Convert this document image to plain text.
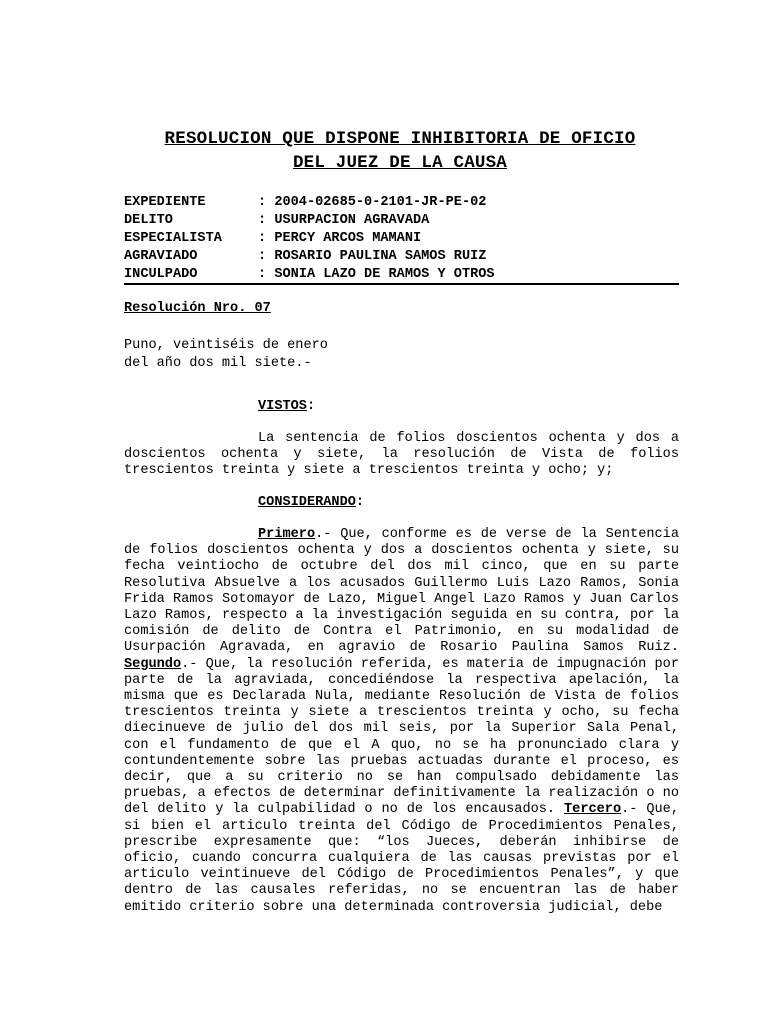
RESOLUCION QUE DISPONE INHIBITORIA DE OFICIO
DEL JUEZ DE LA CAUSA
EXPEDIENTE	: 2004-02685-0-2101-JR-PE-02
DELITO	: USURPACION AGRAVADA
ESPECIALISTA	: PERCY ARCOS MAMANI
AGRAVIADO	: ROSARIO PAULINA SAMOS RUIZ
INCULPADO	: SONIA LAZO DE RAMOS Y OTROS
Resolución Nro. 07
Puno, veintiséis de enero
del año dos mil siete.-
VISTOS:
La sentencia de folios doscientos ochenta y dos a doscientos ochenta y siete, la resolución de Vista de folios trescientos treinta y siete a trescientos treinta y ocho; y;
CONSIDERANDO:
Primero.- Que, conforme es de verse de la Sentencia de folios doscientos ochenta y dos a doscientos ochenta y siete, su fecha veintiocho de octubre del dos mil cinco, que en su parte Resolutiva Absuelve a los acusados Guillermo Luis Lazo Ramos, Sonia Frida Ramos Sotomayor de Lazo, Miguel Angel Lazo Ramos y Juan Carlos Lazo Ramos, respecto a la investigación seguida en su contra, por la comisión de delito de Contra el Patrimonio, en su modalidad de Usurpación Agravada, en agravio de Rosario Paulina Samos Ruiz. Segundo.- Que, la resolución referida, es materia de impugnación por parte de la agraviada, concediéndose la respectiva apelación, la misma que es Declarada Nula, mediante Resolución de Vista de folios trescientos treinta y siete a trescientos treinta y ocho, su fecha diecinueve de julio del dos mil seis, por la Superior Sala Penal, con el fundamento de que el A quo, no se ha pronunciado clara y contundentemente sobre las pruebas actuadas durante el proceso, es decir, que a su criterio no se han compulsado debidamente las pruebas, a efectos de determinar definitivamente la realización o no del delito y la culpabilidad o no de los encausados. Tercero.- Que, si bien el articulo treinta del Código de Procedimientos Penales, prescribe expresamente que: “los Jueces, deberán inhibirse de oficio, cuando concurra cualquiera de las causas previstas por el articulo veintinueve del Código de Procedimientos Penales”, y que dentro de las causales referidas, no se encuentran las de haber emitido criterio sobre una determinada controversia judicial, debe
